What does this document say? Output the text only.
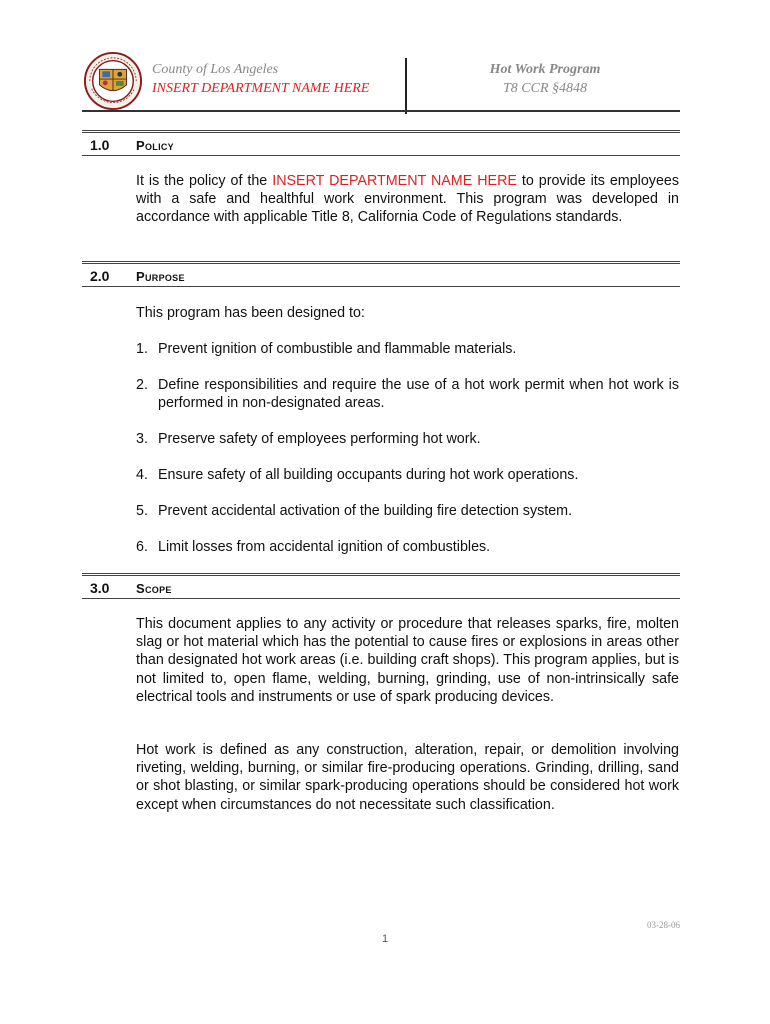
County of Los Angeles
INSERT DEPARTMENT NAME HERE
Hot Work Program
T8 CCR §4848
1.0 Policy
It is the policy of the INSERT DEPARTMENT NAME HERE to provide its employees with a safe and healthful work environment. This program was developed in accordance with applicable Title 8, California Code of Regulations standards.
2.0 Purpose
This program has been designed to:
1. Prevent ignition of combustible and flammable materials.
2. Define responsibilities and require the use of a hot work permit when hot work is performed in non-designated areas.
3. Preserve safety of employees performing hot work.
4. Ensure safety of all building occupants during hot work operations.
5. Prevent accidental activation of the building fire detection system.
6. Limit losses from accidental ignition of combustibles.
3.0 Scope
This document applies to any activity or procedure that releases sparks, fire, molten slag or hot material which has the potential to cause fires or explosions in areas other than designated hot work areas (i.e. building craft shops). This program applies, but is not limited to, open flame, welding, burning, grinding, use of non-intrinsically safe electrical tools and instruments or use of spark producing devices.
Hot work is defined as any construction, alteration, repair, or demolition involving riveting, welding, burning, or similar fire-producing operations. Grinding, drilling, sand or shot blasting, or similar spark-producing operations should be considered hot work except when circumstances do not necessitate such classification.
03-28-06
1
